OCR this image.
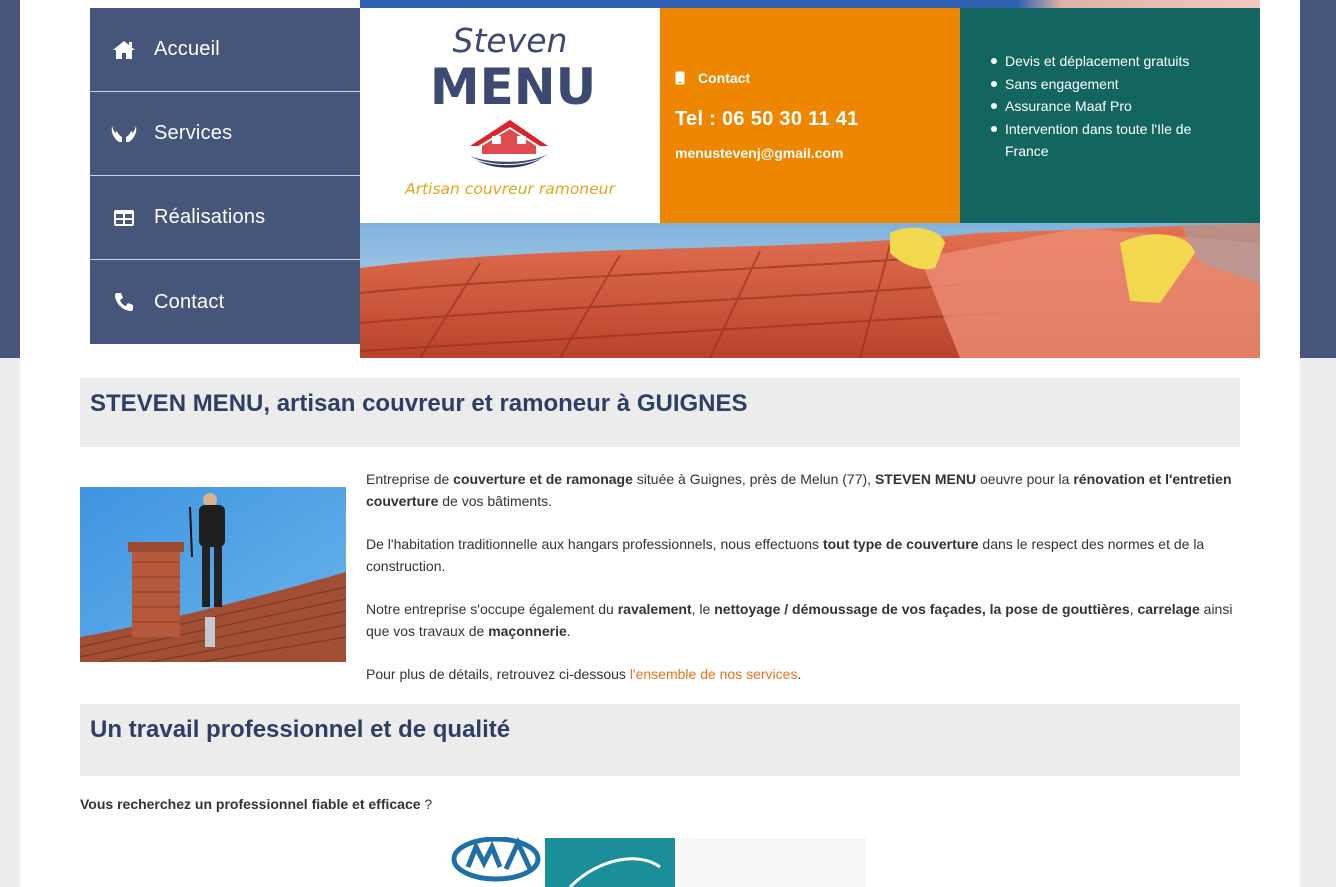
Accueil
Services
Réalisations
Contact
Steven
MENU
Artisan couvreur ramoneur
Contact
Tel : 06 50 30 11 41
menustevenj@gmail.com
Devis et déplacement gratuits
Sans engagement
Assurance Maaf Pro
Intervention dans toute l'Ile de France
STEVEN MENU, artisan couvreur et ramoneur à GUIGNES

Entreprise de couverture et de ramonage située à Guignes, près de Melun (77), STEVEN MENU oeuvre pour la rénovation et l'entretien couverture de vos bâtiments.

De l'habitation traditionnelle aux hangars professionnels, nous effectuons tout type de couverture dans le respect des normes et de la construction.

Notre entreprise s'occupe également du ravalement, le nettoyage / démoussage de vos façades, la pose de gouttières, carrelage ainsi que vos travaux de maçonnerie.

Pour plus de détails, retrouvez ci-dessous l'ensemble de nos services.

Un travail professionnel et de qualité
Vous recherchez un professionnel fiable et efficace ?
